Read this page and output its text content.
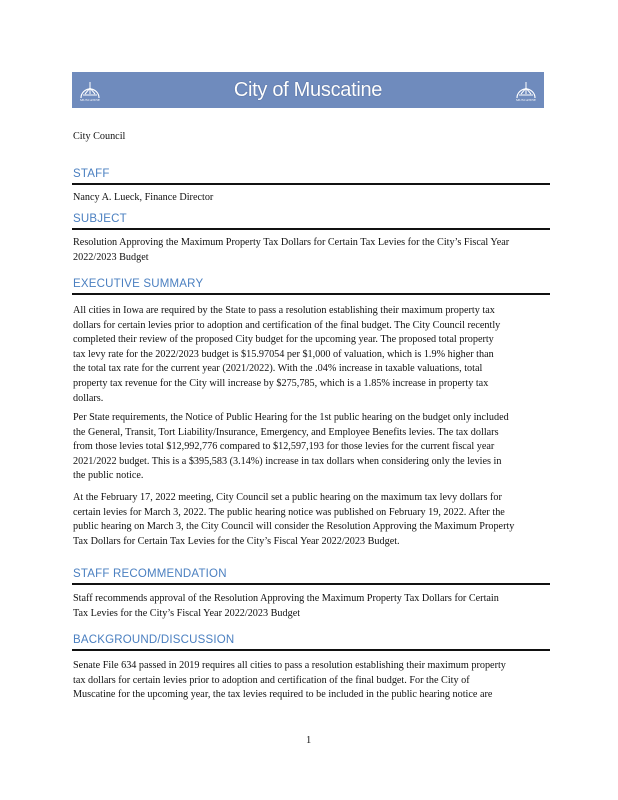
MUSCATINE	City of Muscatine	MUSCATINE
City Council
STAFF
Nancy A. Lueck, Finance Director
SUBJECT
Resolution Approving the Maximum Property Tax Dollars for Certain Tax Levies for the City’s Fiscal Year
2022/2023 Budget
EXECUTIVE SUMMARY
All cities in Iowa are required by the State to pass a resolution establishing their maximum property tax
dollars for certain levies prior to adoption and certification of the final budget. The City Council recently
completed their review of the proposed City budget for the upcoming year. The proposed total property
tax levy rate for the 2022/2023 budget is $15.97054 per $1,000 of valuation, which is 1.9% higher than
the total tax rate for the current year (2021/2022). With the .04% increase in taxable valuations, total
property tax revenue for the City will increase by $275,785, which is a 1.85% increase in property tax
dollars.
Per State requirements, the Notice of Public Hearing for the 1st public hearing on the budget only included
the General, Transit, Tort Liability/Insurance, Emergency, and Employee Benefits levies. The tax dollars
from those levies total $12,992,776 compared to $12,597,193 for those levies for the current fiscal year
2021/2022 budget. This is a $395,583 (3.14%) increase in tax dollars when considering only the levies in
the public notice.
At the February 17, 2022 meeting, City Council set a public hearing on the maximum tax levy dollars for
certain levies for March 3, 2022. The public hearing notice was published on February 19, 2022. After the
public hearing on March 3, the City Council will consider the Resolution Approving the Maximum Property
Tax Dollars for Certain Tax Levies for the City’s Fiscal Year 2022/2023 Budget.
STAFF RECOMMENDATION
Staff recommends approval of the Resolution Approving the Maximum Property Tax Dollars for Certain
Tax Levies for the City’s Fiscal Year 2022/2023 Budget
BACKGROUND/DISCUSSION
Senate File 634 passed in 2019 requires all cities to pass a resolution establishing their maximum property
tax dollars for certain levies prior to adoption and certification of the final budget. For the City of
Muscatine for the upcoming year, the tax levies required to be included in the public hearing notice are
1
